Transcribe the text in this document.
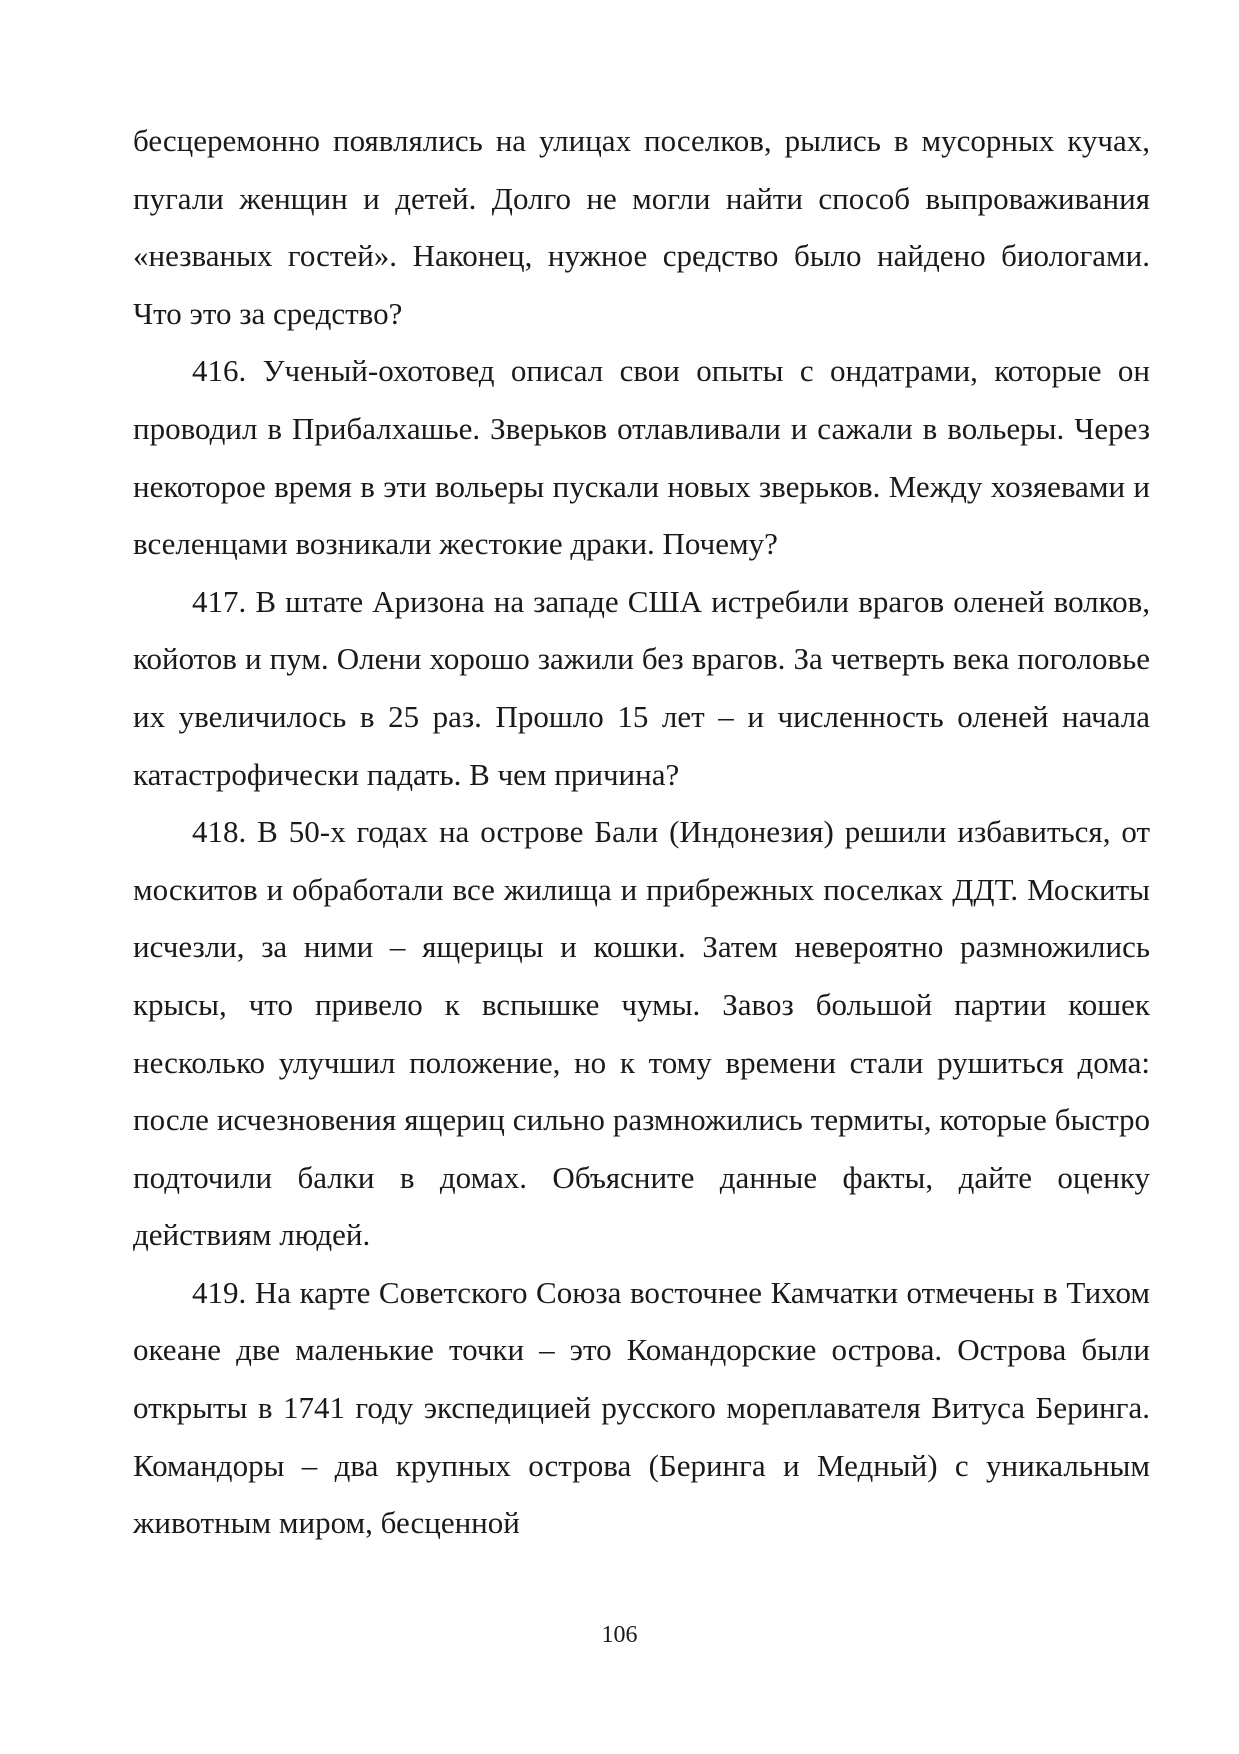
бесцеремонно появлялись на улицах поселков, рылись в мусорных кучах, пугали женщин и детей. Долго не могли найти способ выпроваживания «незваных гостей». Наконец, нужное средство было найдено биологами. Что это за средство?

416. Ученый-охотовед описал свои опыты с ондатрами, которые он проводил в Прибалхашье. Зверьков отлавливали и сажали в вольеры. Через некоторое время в эти вольеры пускали новых зверьков. Между хозяевами и вселенцами возникали жестокие драки. Почему?

417. В штате Аризона на западе США истребили врагов оленей волков, койотов и пум. Олени хорошо зажили без врагов. За четверть века поголовье их увеличилось в 25 раз. Прошло 15 лет – и численность оленей начала катастрофически падать. В чем причина?

418. В 50-х годах на острове Бали (Индонезия) решили избавиться, от москитов и обработали все жилища и прибрежных поселках ДДТ. Москиты исчезли, за ними – ящерицы и кошки. Затем невероятно размножились крысы, что привело к вспышке чумы. Завоз большой партии кошек несколько улучшил положение, но к тому времени стали рушиться дома: после исчезновения ящериц сильно размножились термиты, которые быстро подточили балки в домах. Объясните данные факты, дайте оценку действиям людей.

419. На карте Советского Союза восточнее Камчатки отмечены в Тихом океане две маленькие точки – это Командорские острова. Острова были открыты в 1741 году экспедицией русского мореплавателя Витуса Беринга. Командоры – два крупных острова (Беринга и Медный) с уникальным животным миром, бесценной

106
